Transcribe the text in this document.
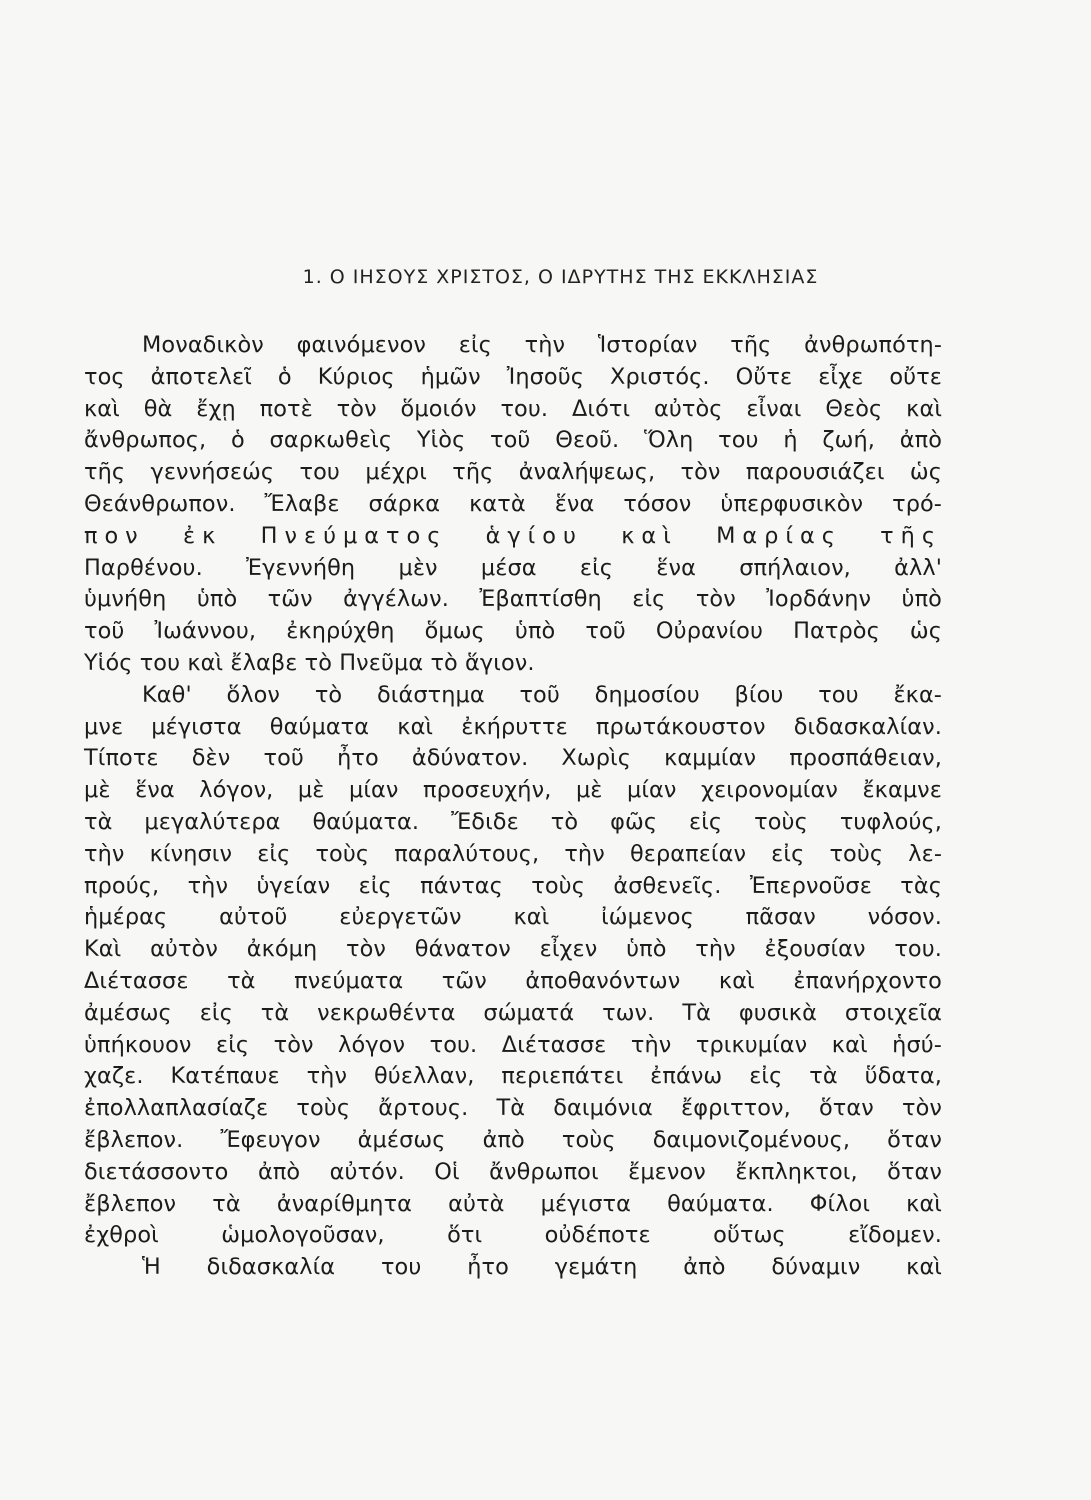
1. Ο ΙΗΣΟΥΣ ΧΡΙΣΤΟΣ, Ο ΙΔΡΥΤΗΣ ΤΗΣ ΕΚΚΛΗΣΙΑΣ
Μοναδικὸν φαινόμενον εἰς τὴν Ἱστορίαν τῆς ἀνθρωπότη-
τος ἀποτελεῖ ὁ Κύριος ἡμῶν Ἰησοῦς Χριστός. Οὔτε εἶχε οὔτε
καὶ θὰ ἔχῃ ποτὲ τὸν ὅμοιόν του. Διότι αὐτὸς εἶναι Θεὸς καὶ
ἄνθρωπος, ὁ σαρκωθεὶς Υἱὸς τοῦ Θεοῦ. Ὅλη του ἡ ζωή, ἀπὸ
τῆς γεννήσεώς του μέχρι τῆς ἀναλήψεως, τὸν παρουσιάζει ὡς
Θεάνθρωπον. Ἔλαβε σάρκα κατὰ ἕνα τόσον ὑπερφυσικὸν τρό-
πον ἐκ Πνεύματος ἁγίου καὶ Μαρίας τῆς
Παρθένου. Ἐγεννήθη μὲν μέσα εἰς ἕνα σπήλαιον, ἀλλ'
ὑμνήθη ὑπὸ τῶν ἀγγέλων. Ἐβαπτίσθη εἰς τὸν Ἰορδάνην ὑπὸ
τοῦ Ἰωάννου, ἐκηρύχθη ὅμως ὑπὸ τοῦ Οὐρανίου Πατρὸς ὡς
Υἱός του καὶ ἔλαβε τὸ Πνεῦμα τὸ ἅγιον.
Καθ' ὅλον τὸ διάστημα τοῦ δημοσίου βίου του ἔκα-
μνε μέγιστα θαύματα καὶ ἐκήρυττε πρωτάκουστον διδασκαλίαν.
Τίποτε δὲν τοῦ ἦτο ἀδύνατον. Χωρὶς καμμίαν προσπάθειαν,
μὲ ἕνα λόγον, μὲ μίαν προσευχήν, μὲ μίαν χειρονομίαν ἔκαμνε
τὰ μεγαλύτερα θαύματα. Ἔδιδε τὸ φῶς εἰς τοὺς τυφλούς,
τὴν κίνησιν εἰς τοὺς παραλύτους, τὴν θεραπείαν εἰς τοὺς λε-
προύς, τὴν ὑγείαν εἰς πάντας τοὺς ἀσθενεῖς. Ἐπερνοῦσε τὰς
ἡμέρας αὐτοῦ εὐεργετῶν καὶ ἰώμενος πᾶσαν νόσον.
Καὶ αὐτὸν ἀκόμη τὸν θάνατον εἶχεν ὑπὸ τὴν ἐξουσίαν του.
Διέτασσε τὰ πνεύματα τῶν ἀποθανόντων καὶ ἐπανήρχοντο
ἀμέσως εἰς τὰ νεκρωθέντα σώματά των. Τὰ φυσικὰ στοιχεῖα
ὑπήκουον εἰς τὸν λόγον του. Διέτασσε τὴν τρικυμίαν καὶ ἡσύ-
χαζε. Κατέπαυε τὴν θύελλαν, περιεπάτει ἐπάνω εἰς τὰ ὕδατα,
ἐπολλαπλασίαζε τοὺς ἄρτους. Τὰ δαιμόνια ἔφριττον, ὅταν τὸν
ἔβλεπον. Ἔφευγον ἀμέσως ἀπὸ τοὺς δαιμονιζομένους, ὅταν
διετάσσοντο ἀπὸ αὐτόν. Οἱ ἄνθρωποι ἔμενον ἔκπληκτοι, ὅταν
ἔβλεπον τὰ ἀναρίθμητα αὐτὰ μέγιστα θαύματα. Φίλοι καὶ
ἐχθροὶ ὡμολογοῦσαν, ὅτι οὐδέποτε οὕτως εἴδομεν.
Ἡ διδασκαλία του ἦτο γεμάτη ἀπὸ δύναμιν καὶ
